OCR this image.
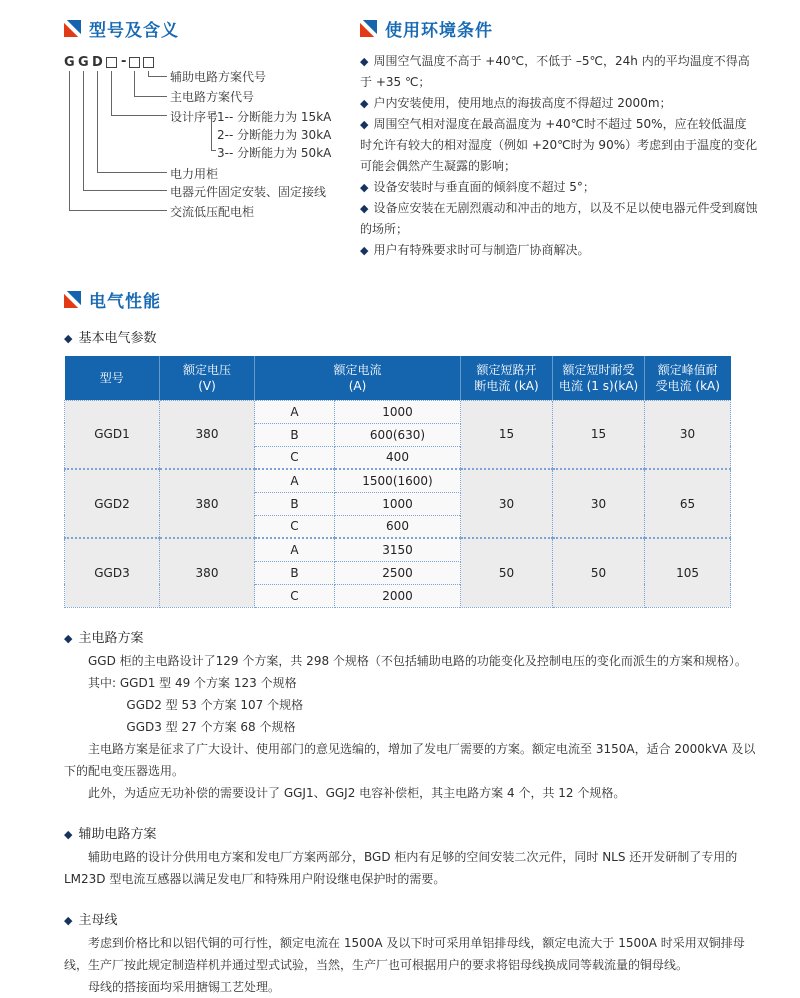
型号及含义
G G D -
辅助电路方案代号
主电路方案代号
设计序号
1-- 分断能力为 15kA
2-- 分断能力为 30kA
3-- 分断能力为 50kA
电力用柜
电器元件固定安装、固定接线
交流低压配电柜
使用环境条件
◆ 周围空气温度不高于 +40℃，不低于 –5℃，24h 内的平均温度不得高于 +35 ℃；
◆ 户内安装使用，使用地点的海拔高度不得超过 2000m；
◆ 周围空气相对湿度在最高温度为 +40℃时不超过 50%，应在较低温度时允许有较大的相对湿度（例如 +20℃时为 90%）考虑到由于温度的变化可能会偶然产生凝露的影响；
◆ 设备安装时与垂直面的倾斜度不超过 5°；
◆ 设备应安装在无剧烈震动和冲击的地方，以及不足以使电器元件受到腐蚀的场所；
◆ 用户有特殊要求时可与制造厂协商解决。
电气性能
◆ 基本电气参数
型号

额定电压
(V)

额定电流
(A)

额定短路开
断电流 (kA)

额定短时耐受
电流 (1 s)(kA)

额定峰值耐
受电流 (kA)

GGD1	380	A	1000	15	15	30
		B	600(630)			
		C	400			
GGD2	380	A	1500(1600)	30	30	65
		B	1000			
		C	600			
GGD3	380	A	3150	50	50	105
		B	2500			
		C	2000			
◆ 主电路方案

GGD 柜的主电路设计了129 个方案，共 298 个规格（不包括辅助电路的功能变化及控制电压的变化而派生的方案和规格）。

其中: GGD1 型 49 个方案 123 个规格

GGD2 型 53 个方案 107 个规格

GGD3 型 27 个方案 68 个规格

主电路方案是征求了广大设计、使用部门的意见选编的，增加了发电厂需要的方案。额定电流至 3150A，适合 2000kVA 及以下的配电变压器选用。

此外，为适应无功补偿的需要设计了 GGJ1、GGJ2 电容补偿柜，其主电路方案 4 个，共 12 个规格。

◆ 辅助电路方案

辅助电路的设计分供用电方案和发电厂方案两部分，BGD 柜内有足够的空间安装二次元件，同时 NLS 还开发研制了专用的 LM23D 型电流互感器以满足发电厂和特殊用户附设继电保护时的需要。

◆ 主母线

考虑到价格比和以铝代铜的可行性，额定电流在 1500A 及以下时可采用单铝排母线，额定电流大于 1500A 时采用双铜排母线，生产厂按此规定制造样机并通过型式试验，当然，生产厂也可根据用户的要求将铝母线换成同等载流量的铜母线。

母线的搭接面均采用搪锡工艺处理。
